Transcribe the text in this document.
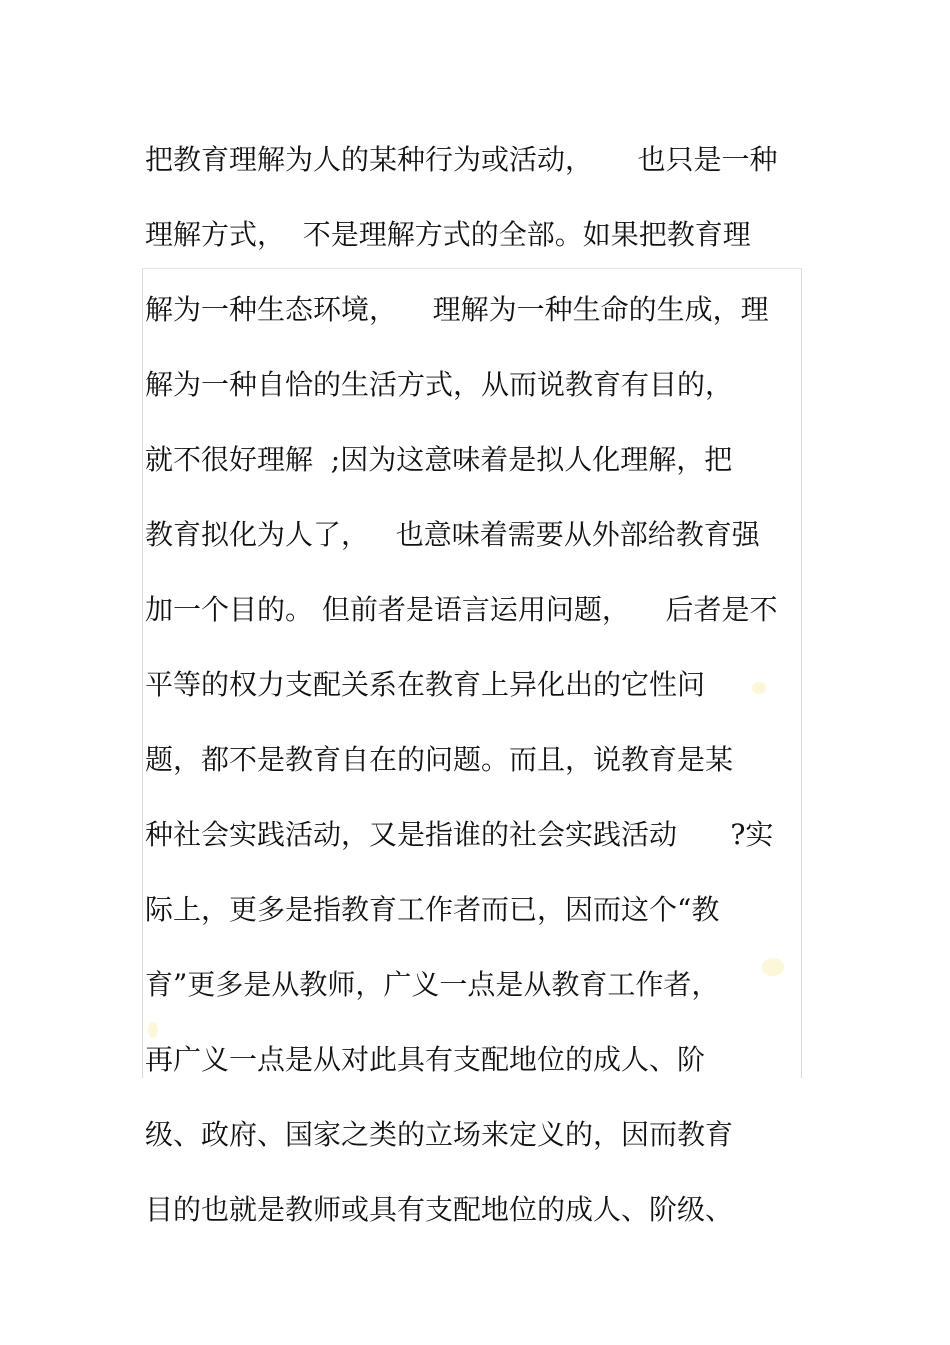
把教育理解为人的某种行为或活动，     也只是一种
理解方式，  不是理解方式的全部。如果把教育理
解为一种生态环境，    理解为一种生命的生成，理
解为一种自恰的生活方式，从而说教育有目的，
就不很好理解  ;因为这意味着是拟人化理解，把
教育拟化为人了，   也意味着需要从外部给教育强
加一个目的。 但前者是语言运用问题，    后者是不
平等的权力支配关系在教育上异化出的它性问
题，都不是教育自在的问题。而且，说教育是某
种社会实践活动，又是指谁的社会实践活动      ?实
际上，更多是指教育工作者而已，因而这个“教
育”更多是从教师，广义一点是从教育工作者，
再广义一点是从对此具有支配地位的成人、阶
级、政府、国家之类的立场来定义的，因而教育
目的也就是教师或具有支配地位的成人、阶级、
